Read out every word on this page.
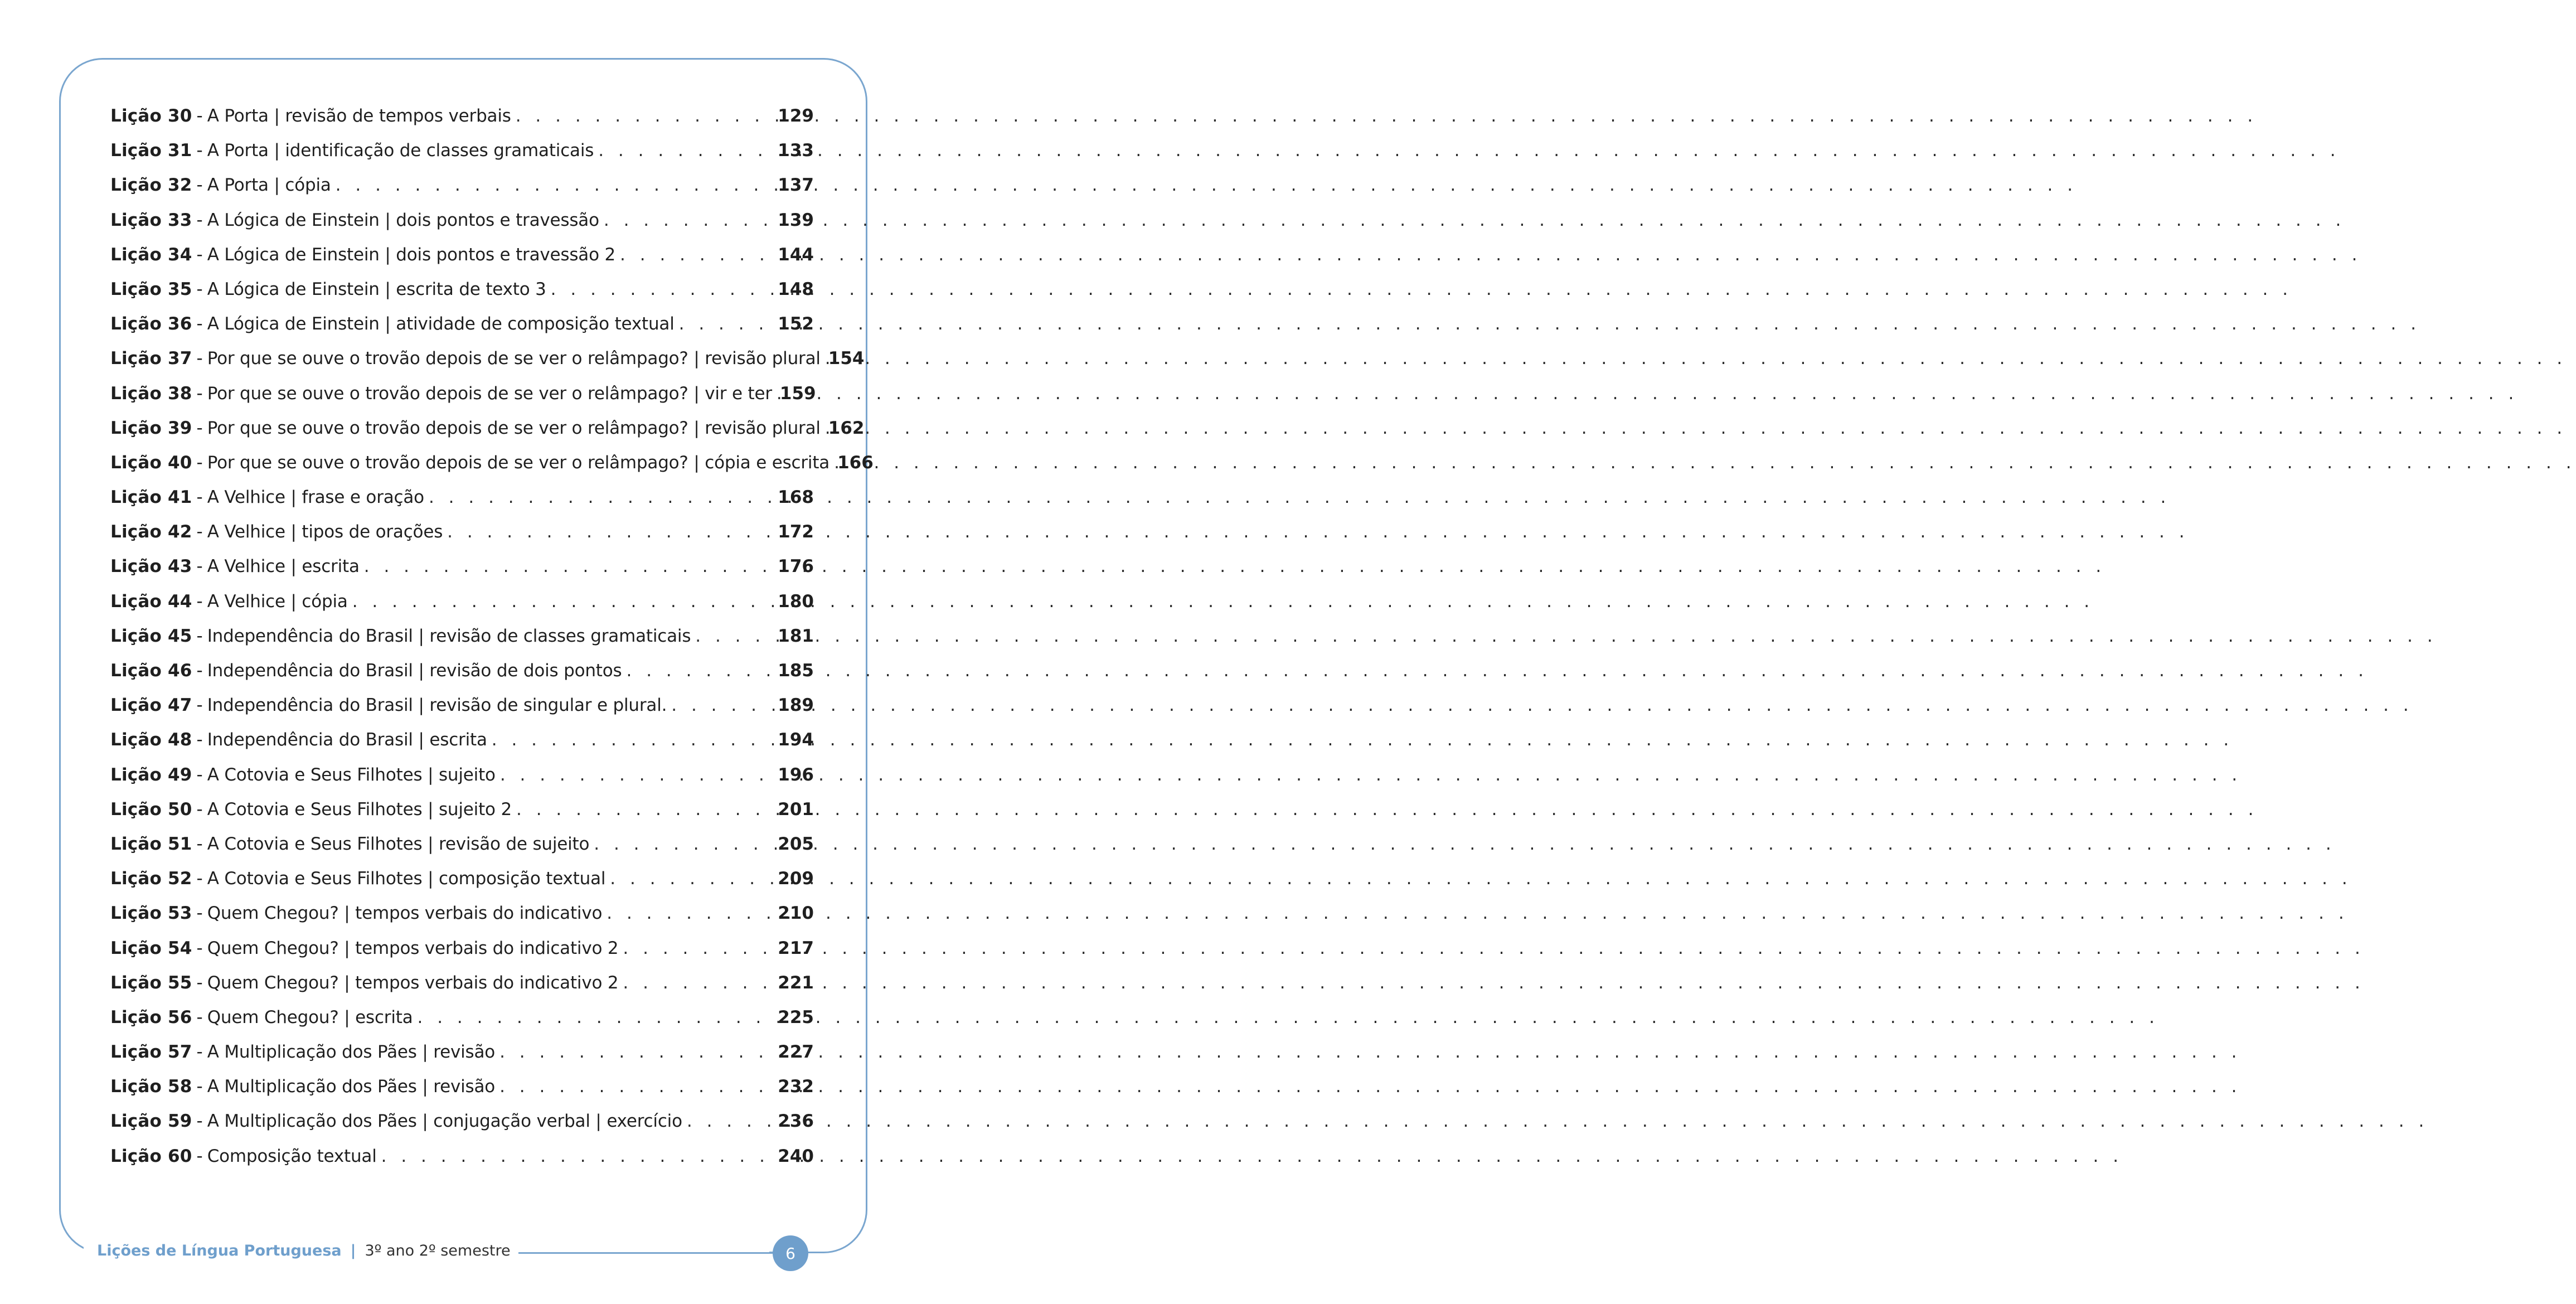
Lição 30 - A Porta | revisão de tempos verbais . . .	129
Lição 31 - A Porta | identificação de classes gramaticais . . .	133
Lição 32 - A Porta | cópia . . .	137
Lição 33 - A Lógica de Einstein | dois pontos e travessão . . .	139
Lição 34 - A Lógica de Einstein | dois pontos e travessão 2 . . .	144
Lição 35 - A Lógica de Einstein | escrita de texto 3 . . .	148
Lição 36 - A Lógica de Einstein | atividade de composição textual . . .	152
Lição 37 - Por que se ouve o trovão depois de se ver o relâmpago? | revisão plural 154
Lição 38 - Por que se ouve o trovão depois de se ver o relâmpago? | vir e ter 159
Lição 39 - Por que se ouve o trovão depois de se ver o relâmpago? | revisão plural 162
Lição 40 - Por que se ouve o trovão depois de se ver o relâmpago? | cópia e escrita 166
Lição 41 - A Velhice | frase e oração . . .	168
Lição 42 - A Velhice | tipos de orações . . .	172
Lição 43 - A Velhice | escrita . . .	176
Lição 44 - A Velhice | cópia . . .	180
Lição 45 - Independência do Brasil | revisão de classes gramaticais . . .	181
Lição 46 - Independência do Brasil | revisão de dois pontos . . .	185
Lição 47 - Independência do Brasil | revisão de singular e plural. . . .	189
Lição 48 - Independência do Brasil | escrita . . .	194
Lição 49 - A Cotovia e Seus Filhotes | sujeito . . .	196
Lição 50 - A Cotovia e Seus Filhotes | sujeito 2 . . .	201
Lição 51 - A Cotovia e Seus Filhotes | revisão de sujeito . . .	205
Lição 52 - A Cotovia e Seus Filhotes | composição textual . . .	209
Lição 53 - Quem Chegou? | tempos verbais do indicativo . . .	210
Lição 54 - Quem Chegou? | tempos verbais do indicativo 2 . . .	217
Lição 55 - Quem Chegou? | tempos verbais do indicativo 2 . . .	221
Lição 56 - Quem Chegou? | escrita . . .	225
Lição 57 - A Multiplicação dos Pães | revisão . . .	227
Lição 58 - A Multiplicação dos Pães | revisão . . .	232
Lição 59 - A Multiplicação dos Pães | conjugação verbal | exercício . . .	236
Lição 60 - Composição textual . . .	240
Lições de Língua Portuguesa | 3º ano 2º semestre	6
